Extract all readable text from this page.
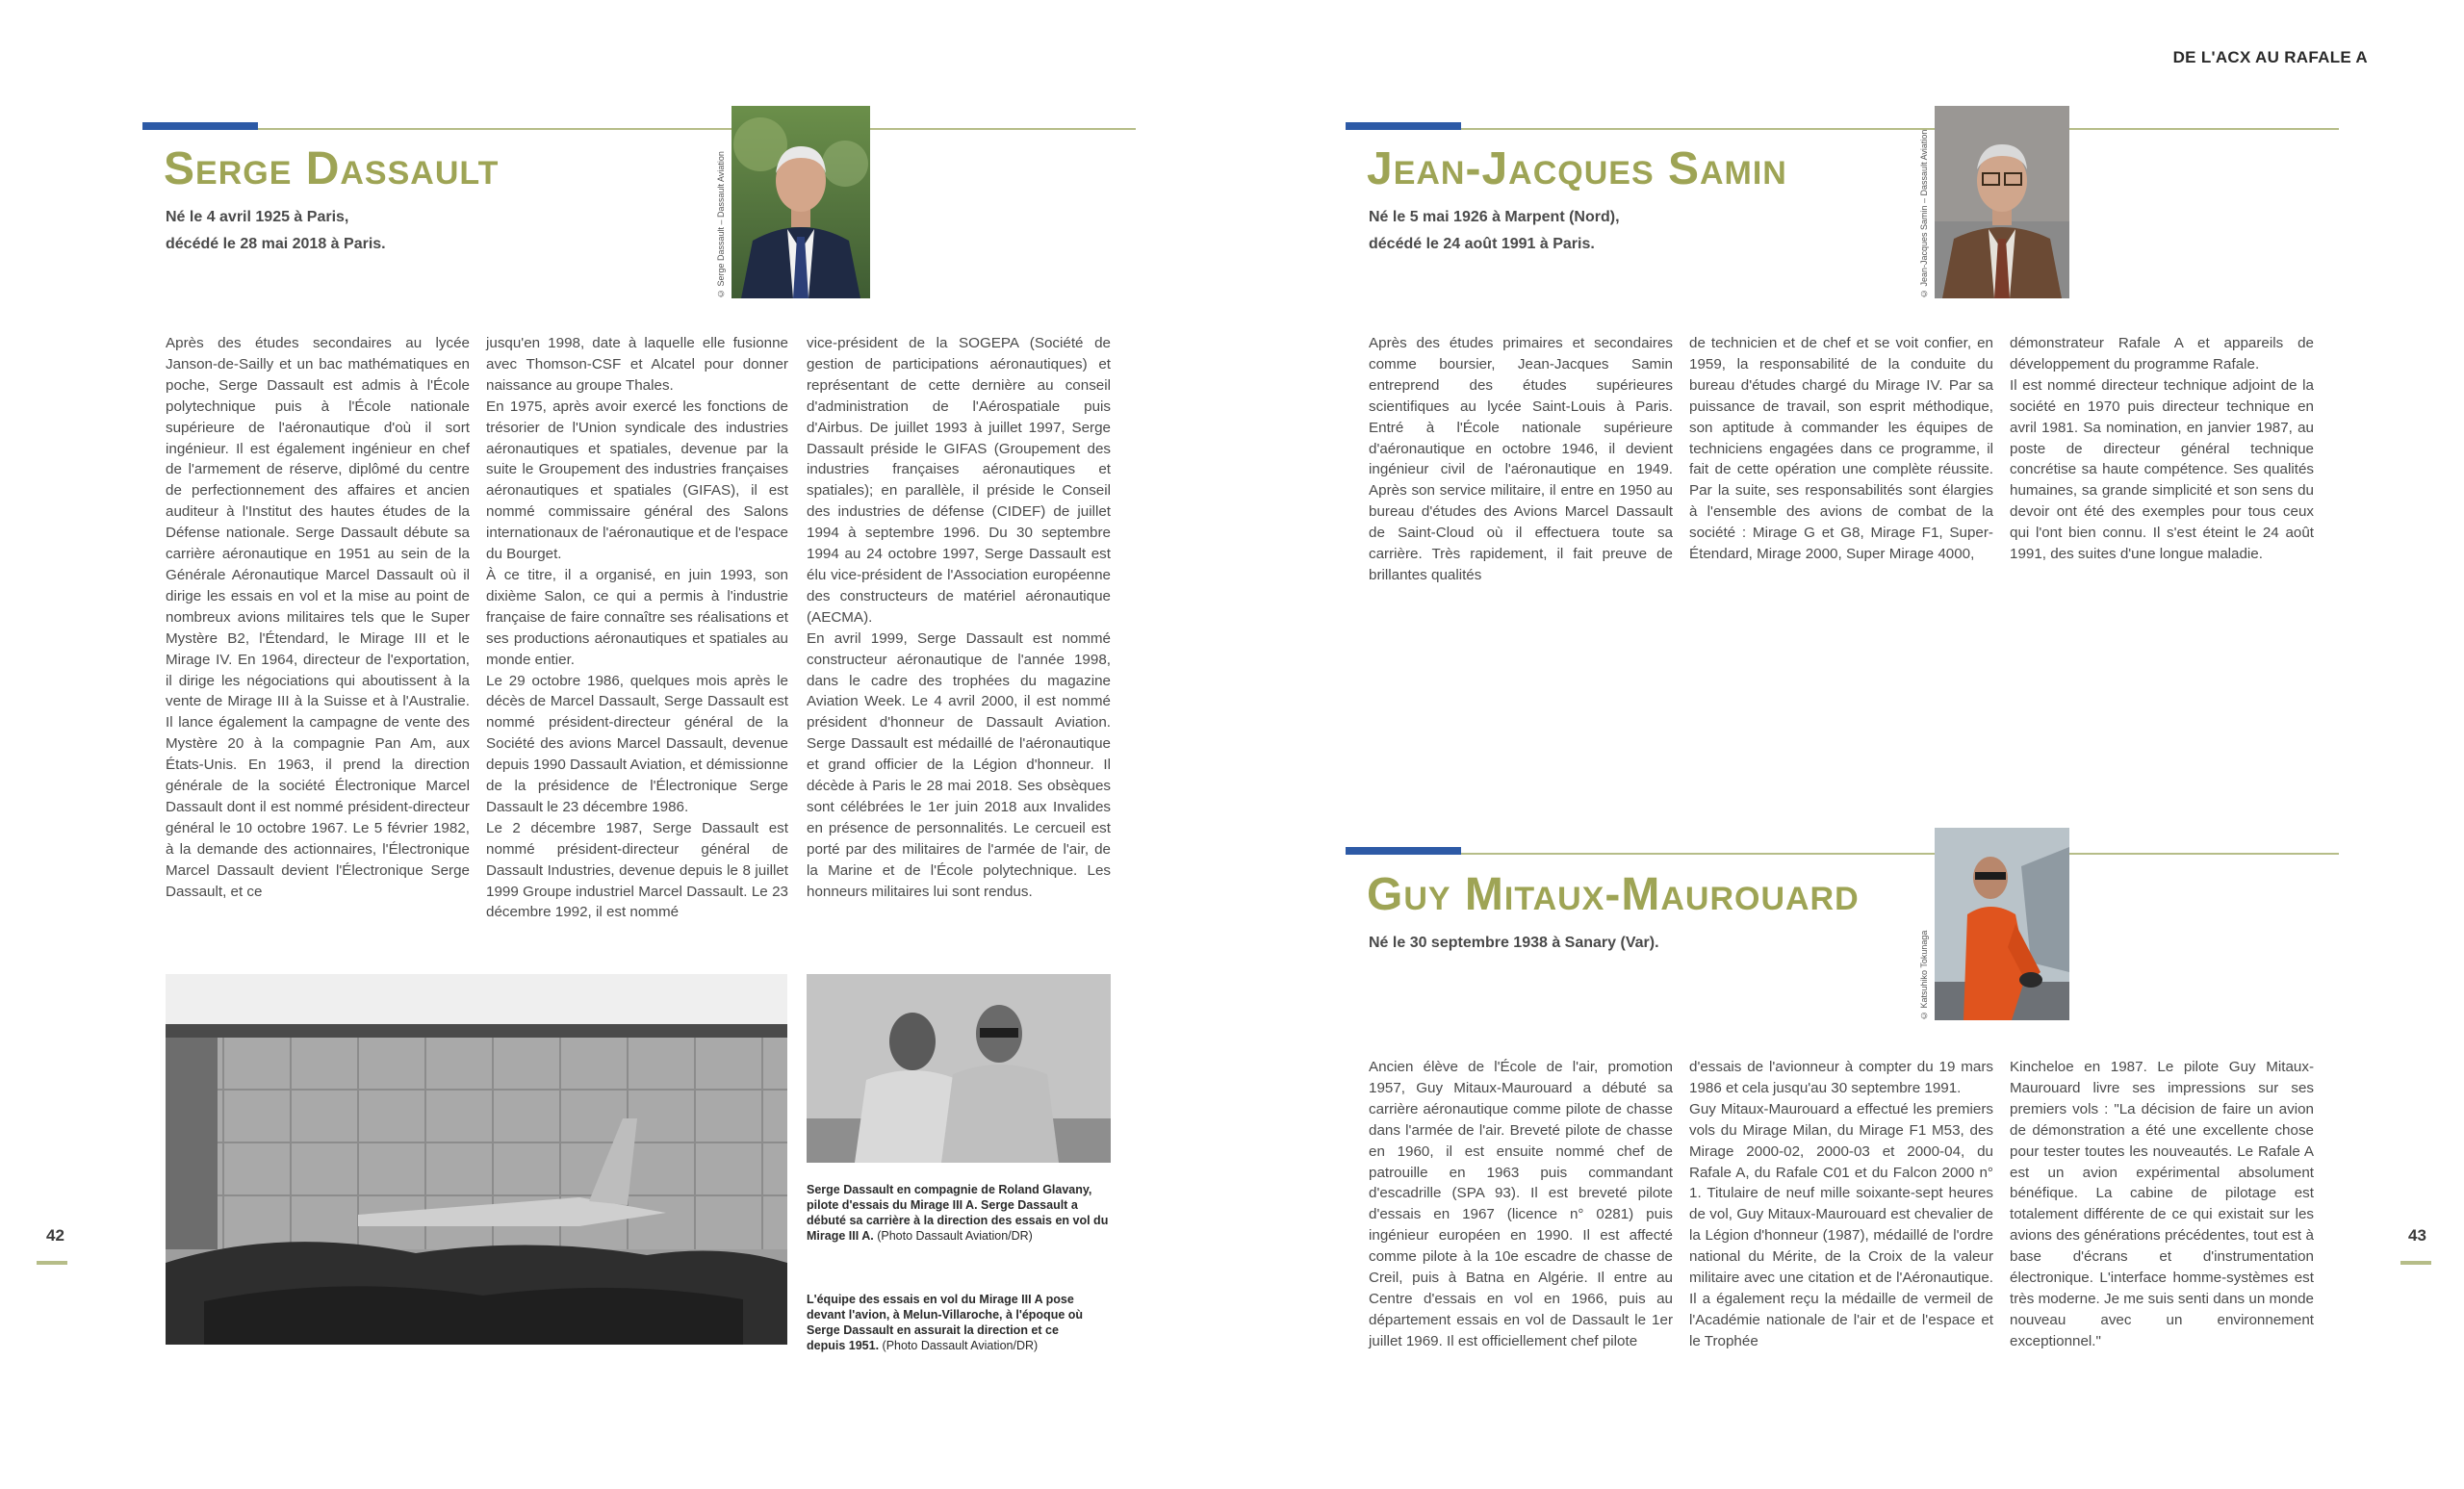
DE L'ACX AU RAFALE A
Serge Dassault
Né le 4 avril 1925 à Paris,
décédé le 28 mai 2018 à Paris.	© Serge Dassault – Dassault Aviation
Après des études secondaires au lycée Janson-de-Sailly et un bac mathématiques en poche, Serge Dassault est admis à l'École polytechnique puis à l'École nationale supérieure de l'aéronautique d'où il sort ingénieur. Il est également ingénieur en chef de l'armement de réserve, diplômé du centre de perfectionnement des affaires et ancien auditeur à l'Institut des hautes études de la Défense nationale. Serge Dassault débute sa carrière aéronautique en 1951 au sein de la Générale Aéronautique Marcel Dassault où il dirige les essais en vol et la mise au point de nombreux avions militaires tels que le Super Mystère B2, l'Étendard, le Mirage III et le Mirage IV. En 1964, directeur de l'exportation, il dirige les négociations qui aboutissent à la vente de Mirage III à la Suisse et à l'Australie. Il lance également la campagne de vente des Mystère 20 à la compagnie Pan Am, aux États-Unis. En 1963, il prend la direction générale de la société Électronique Marcel Dassault dont il est nommé président-directeur général le 10 octobre 1967. Le 5 février 1982, à la demande des actionnaires, l'Électronique Marcel Dassault devient l'Électronique Serge Dassault, et ce
jusqu'en 1998, date à laquelle elle fusionne avec Thomson-CSF et Alcatel pour donner naissance au groupe Thales.
En 1975, après avoir exercé les fonctions de trésorier de l'Union syndicale des industries aéronautiques et spatiales, devenue par la suite le Groupement des industries françaises aéronautiques et spatiales (GIFAS), il est nommé commissaire général des Salons internationaux de l'aéronautique et de l'espace du Bourget.
À ce titre, il a organisé, en juin 1993, son dixième Salon, ce qui a permis à l'industrie française de faire connaître ses réalisations et ses productions aéronautiques et spatiales au monde entier.
Le 29 octobre 1986, quelques mois après le décès de Marcel Dassault, Serge Dassault est nommé président-directeur général de la Société des avions Marcel Dassault, devenue depuis 1990 Dassault Aviation, et démissionne de la présidence de l'Électronique Serge Dassault le 23 décembre 1986.
Le 2 décembre 1987, Serge Dassault est nommé président-directeur général de Dassault Industries, devenue depuis le 8 juillet 1999 Groupe industriel Marcel Dassault. Le 23 décembre 1992, il est nommé
vice-président de la SOGEPA (Société de gestion de participations aéronautiques) et représentant de cette dernière au conseil d'administration de l'Aérospatiale puis d'Airbus. De juillet 1993 à juillet 1997, Serge Dassault préside le GIFAS (Groupement des industries françaises aéronautiques et spatiales); en parallèle, il préside le Conseil des industries de défense (CIDEF) de juillet 1994 à septembre 1996. Du 30 septembre 1994 au 24 octobre 1997, Serge Dassault est élu vice-président de l'Association européenne des constructeurs de matériel aéronautique (AECMA).
En avril 1999, Serge Dassault est nommé constructeur aéronautique de l'année 1998, dans le cadre des trophées du magazine Aviation Week. Le 4 avril 2000, il est nommé président d'honneur de Dassault Aviation. Serge Dassault est médaillé de l'aéronautique et grand officier de la Légion d'honneur. Il décède à Paris le 28 mai 2018. Ses obsèques sont célébrées le 1er juin 2018 aux Invalides en présence de personnalités. Le cercueil est porté par des militaires de l'armée de l'air, de la Marine et de l'École polytechnique. Les honneurs militaires lui sont rendus.
Serge Dassault en compagnie de Roland Glavany, pilote d'essais du Mirage III A. Serge Dassault a débuté sa carrière à la direction des essais en vol du Mirage III A. (Photo Dassault Aviation/DR)
L'équipe des essais en vol du Mirage III A pose devant l'avion, à Melun-Villaroche, à l'époque où Serge Dassault en assurait la direction et ce depuis 1951. (Photo Dassault Aviation/DR)
42
Jean-Jacques Samin
Né le 5 mai 1926 à Marpent (Nord),
décédé le 24 août 1991 à Paris.	© Jean-Jacques Samin – Dassault Aviation
Après des études primaires et secondaires comme boursier, Jean-Jacques Samin entreprend des études supérieures scientifiques au lycée Saint-Louis à Paris. Entré à l'École nationale supérieure d'aéronautique en octobre 1946, il devient ingénieur civil de l'aéronautique en 1949. Après son service militaire, il entre en 1950 au bureau d'études des Avions Marcel Dassault de Saint-Cloud où il effectuera toute sa carrière. Très rapidement, il fait preuve de brillantes qualités
de technicien et de chef et se voit confier, en 1959, la responsabilité de la conduite du bureau d'études chargé du Mirage IV. Par sa puissance de travail, son esprit méthodique, son aptitude à commander les équipes de techniciens engagées dans ce programme, il fait de cette opération une complète réussite. Par la suite, ses responsabilités sont élargies à l'ensemble des avions de combat de la société : Mirage G et G8, Mirage F1, Super-Étendard, Mirage 2000, Super Mirage 4000,
démonstrateur Rafale A et appareils de développement du programme Rafale.
Il est nommé directeur technique adjoint de la société en 1970 puis directeur technique en avril 1981. Sa nomination, en janvier 1987, au poste de directeur général technique concrétise sa haute compétence. Ses qualités humaines, sa grande simplicité et son sens du devoir ont été des exemples pour tous ceux qui l'ont bien connu. Il s'est éteint le 24 août 1991, des suites d'une longue maladie.
Guy Mitaux-Maurouard
Né le 30 septembre 1938 à Sanary (Var).	© Katsuhiko Tokunaga
Ancien élève de l'École de l'air, promotion 1957, Guy Mitaux-Maurouard a débuté sa carrière aéronautique comme pilote de chasse dans l'armée de l'air. Breveté pilote de chasse en 1960, il est ensuite nommé chef de patrouille en 1963 puis commandant d'escadrille (SPA 93). Il est breveté pilote d'essais en 1967 (licence n° 0281) puis ingénieur européen en 1990. Il est affecté comme pilote à la 10e escadre de chasse de Creil, puis à Batna en Algérie. Il entre au Centre d'essais en vol en 1966, puis au département essais en vol de Dassault le 1er juillet 1969. Il est officiellement chef pilote
d'essais de l'avionneur à compter du 19 mars 1986 et cela jusqu'au 30 septembre 1991.
Guy Mitaux-Maurouard a effectué les premiers vols du Mirage Milan, du Mirage F1 M53, des Mirage 2000-02, 2000-03 et 2000-04, du Rafale A, du Rafale C01 et du Falcon 2000 n° 1. Titulaire de neuf mille soixante-sept heures de vol, Guy Mitaux-Maurouard est chevalier de la Légion d'honneur (1987), médaillé de l'ordre national du Mérite, de la Croix de la valeur militaire avec une citation et de l'Aéronautique. Il a également reçu la médaille de vermeil de l'Académie nationale de l'air et de l'espace et le Trophée
Kincheloe en 1987. Le pilote Guy Mitaux-Maurouard livre ses impressions sur ses premiers vols : "La décision de faire un avion de démonstration a été une excellente chose pour tester toutes les nouveautés. Le Rafale A est un avion expérimental absolument bénéfique. La cabine de pilotage est totalement différente de ce qui existait sur les avions des générations précédentes, tout est à base d'écrans et d'instrumentation électronique. L'interface homme-systèmes est très moderne. Je me suis senti dans un monde nouveau avec un environnement exceptionnel."
43
